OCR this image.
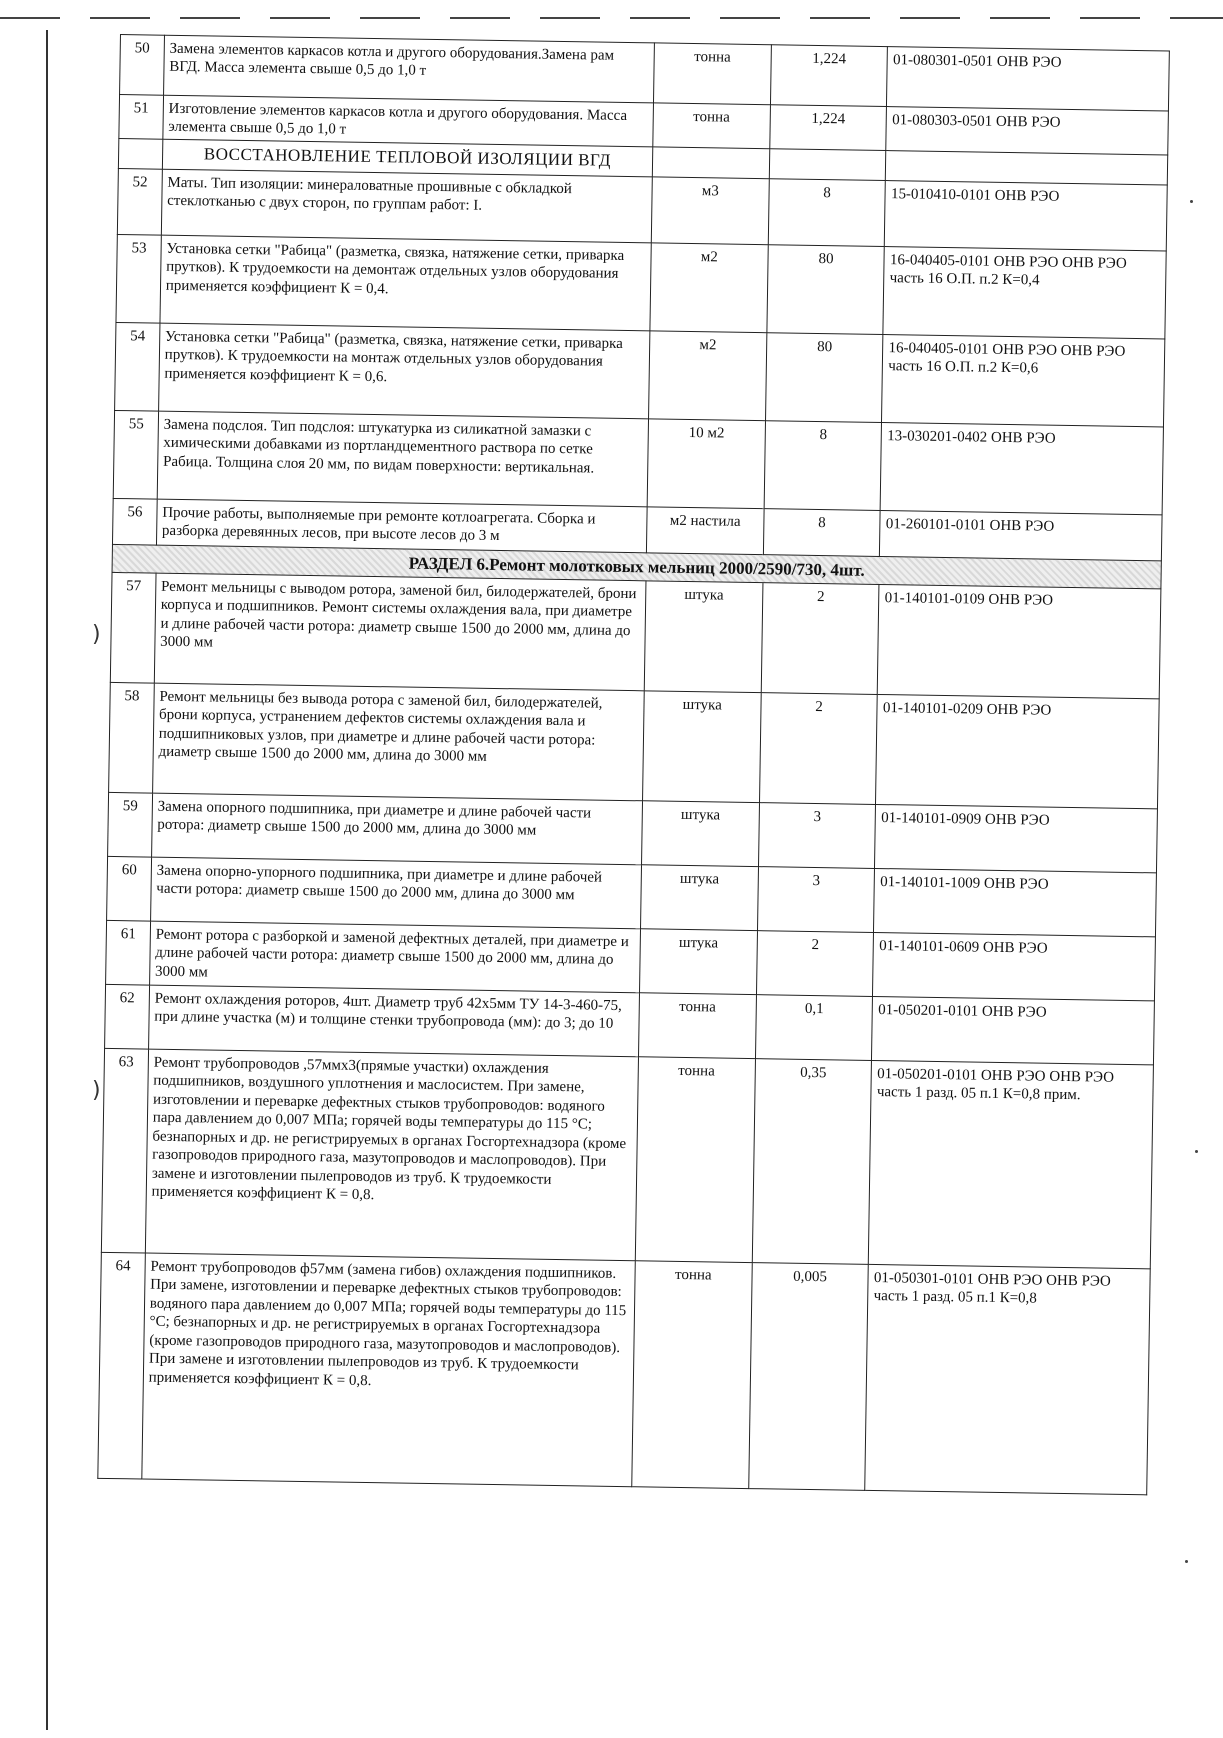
)
)
50	Замена элементов каркасов котла и другого оборудования.Замена рам ВГД. Масса элемента свыше 0,5 до 1,0 т	тонна	1,224	01-080301-0501 ОНВ РЭО
51	Изготовление элементов каркасов котла и другого оборудования. Масса элемента свыше 0,5 до 1,0 т	тонна	1,224	01-080303-0501 ОНВ РЭО
	ВОССТАНОВЛЕНИЕ ТЕПЛОВОЙ ИЗОЛЯЦИИ ВГД			
52	Маты. Тип изоляции: минераловатные прошивные с обкладкой стеклотканью с двух сторон, по группам работ: I.	м3	8	15-010410-0101 ОНВ РЭО
53	Установка сетки "Рабица" (разметка, связка, натяжение сетки, приварка прутков). К трудоемкости на демонтаж отдельных узлов оборудования применяется коэффициент К = 0,4.	м2	80	16-040405-0101 ОНВ РЭО ОНВ РЭО часть 16 О.П. п.2 К=0,4
54	Установка сетки "Рабица" (разметка, связка, натяжение сетки, приварка прутков). К трудоемкости на монтаж отдельных узлов оборудования применяется коэффициент К = 0,6.	м2	80	16-040405-0101 ОНВ РЭО ОНВ РЭО часть 16 О.П. п.2 К=0,6
55	Замена подслоя. Тип подслоя: штукатурка из силикатной замазки с химическими добавками из портландцементного раствора по сетке Рабица. Толщина слоя 20 мм, по видам поверхности: вертикальная.	10 м2	8	13-030201-0402 ОНВ РЭО
56	Прочие работы, выполняемые при ремонте котлоагрегата. Сборка и разборка деревянных лесов, при высоте лесов до 3 м	м2 настила	8	01-260101-0101 ОНВ РЭО
РАЗДЕЛ 6.Ремонт молотковых мельниц 2000/2590/730, 4шт.				
57	Ремонт мельницы с выводом ротора, заменой бил, билодержателей, брони корпуса и подшипников. Ремонт системы охлаждения вала, при диаметре и длине рабочей части ротора: диаметр свыше 1500 до 2000 мм, длина до 3000 мм	штука	2	01-140101-0109 ОНВ РЭО
58	Ремонт мельницы без вывода ротора с заменой бил, билодержателей, брони корпуса, устранением дефектов системы охлаждения вала и подшипниковых узлов, при диаметре и длине рабочей части ротора: диаметр свыше 1500 до 2000 мм, длина до 3000 мм	штука	2	01-140101-0209 ОНВ РЭО
59	Замена опорного подшипника, при диаметре и длине рабочей части ротора: диаметр свыше 1500 до 2000 мм, длина до 3000 мм	штука	3	01-140101-0909 ОНВ РЭО
60	Замена опорно-упорного подшипника, при диаметре и длине рабочей части ротора: диаметр свыше 1500 до 2000 мм, длина до 3000 мм	штука	3	01-140101-1009 ОНВ РЭО
61	Ремонт ротора с разборкой и заменой дефектных деталей, при диаметре и длине рабочей части ротора: диаметр свыше 1500 до 2000 мм, длина до 3000 мм	штука	2	01-140101-0609 ОНВ РЭО
62	Ремонт охлаждения роторов, 4шт. Диаметр труб 42х5мм ТУ 14-3-460-75, при длине участка (м) и толщине стенки трубопровода (мм): до 3; до 10	тонна	0,1	01-050201-0101 ОНВ РЭО
63	Ремонт трубопроводов ,57ммх3(прямые участки) охлаждения подшипников, воздушного уплотнения и маслосистем. При замене, изготовлении и переварке дефектных стыков трубопроводов: водяного пара давлением до 0,007 МПа; горячей воды температуры до 115 °С; безнапорных и др. не регистрируемых в органах Госгортехнадзора (кроме газопроводов природного газа, мазутопроводов и маслопроводов). При замене и изготовлении пылепроводов из труб. К трудоемкости применяется коэффициент К = 0,8.	тонна	0,35	01-050201-0101 ОНВ РЭО ОНВ РЭО часть 1 разд. 05 п.1 К=0,8 прим.
64	Ремонт трубопроводов ф57мм (замена гибов) охлаждения подшипников. При замене, изготовлении и переварке дефектных стыков трубопроводов: водяного пара давлением до 0,007 МПа; горячей воды температуры до 115 °С; безнапорных и др. не регистрируемых в органах Госгортехнадзора (кроме газопроводов природного газа, мазутопроводов и маслопроводов). При замене и изготовлении пылепроводов из труб. К трудоемкости применяется коэффициент К = 0,8.	тонна	0,005	01-050301-0101 ОНВ РЭО ОНВ РЭО часть 1 разд. 05 п.1 К=0,8
